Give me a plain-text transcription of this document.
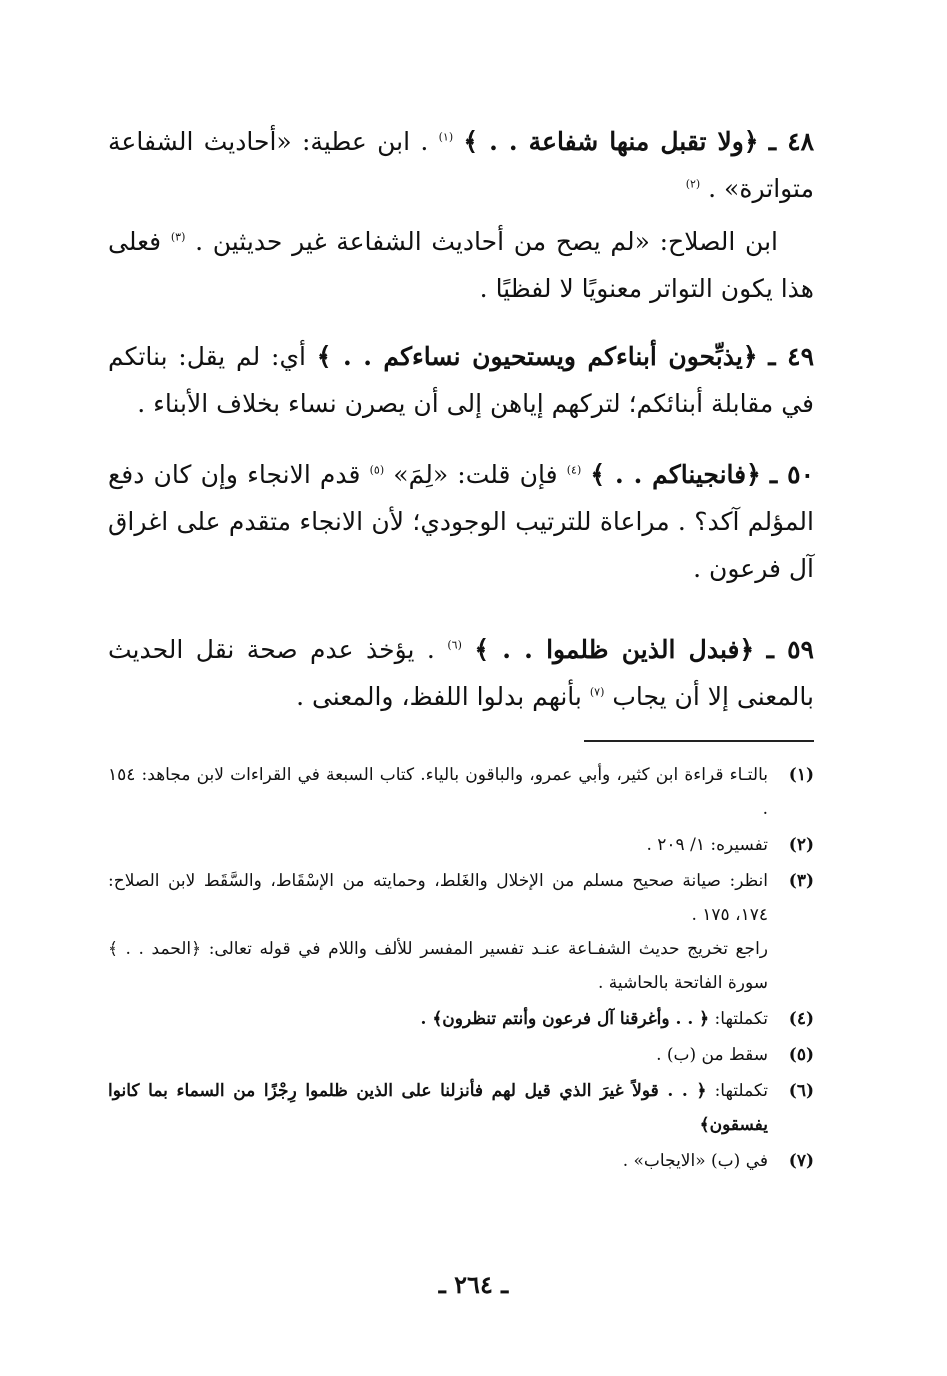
٤٨ ـ ﴿ولا تقبل منها شفاعة . . ﴾ $^{(١)}$ . ابن عطية: «أحاديث الشفاعة متواترة» . $^{(٢)}$

ابن الصلاح: «لم يصح من أحاديث الشفاعة غير حديثين . $^{(٣)}$ فعلى هذا يكون التواتر معنويًا لا لفظيًا .

٤٩ ـ ﴿يذبِّحون أبناءكم ويستحيون نساءكم . . ﴾ أي: لم يقل: بناتكم في مقابلة أبنائكم؛ لتركهم إياهن إلى أن يصرن نساء بخلاف الأبناء .

٥٠ ـ ﴿فانجيناكم . . ﴾ $^{(٤)}$ فإن قلت: «لِمَ» $^{(٥)}$ قدم الانجاء وإن كان دفع المؤلم آكد؟ . مراعاة للترتيب الوجودي؛ لأن الانجاء متقدم على اغراق آل فرعون .

٥٩ ـ ﴿فبدل الذين ظلموا . . ﴾ $^{(٦)}$ . يؤخذ عدم صحة نقل الحديث بالمعنى إلا أن يجاب $^{(٧)}$ بأنهم بدلوا اللفظ، والمعنى .

(١)

بالتـاء قراءة ابن كثير، وأبي عمرو، والباقون بالياء. كتاب السبعة في القراءات لابن مجاهد: ١٥٤ .

(٢)

تفسيره: ١/ ٢٠٩ .

(٣)

انظر: صيانة صحيح مسلم من الإخلال والغَلط، وحمايته من الإسْقَاط، والسَّقَط لابن الصلاح: ١٧٤، ١٧٥ .

راجع تخريج حديث الشفـاعة عنـد تفسير المفسر للألف واللام في قوله تعالى: ﴿الحمد . . ﴾ سورة الفاتحة بالحاشية .

(٤)

تكملتها: ﴿ . . وأغرقنا آل فرعون وأنتم تنظرون﴾ .

(٥)

سقط من (ب) .

(٦)

تكملتها: ﴿ . . قولاً غيرَ الذي قيل لهم فأنزلنا على الذين ظلموا رِجْزًا من السماء بما كانوا يفسقون﴾

(٧)

في (ب) «الايجاب» .

ـ ٢٦٤ ـ
